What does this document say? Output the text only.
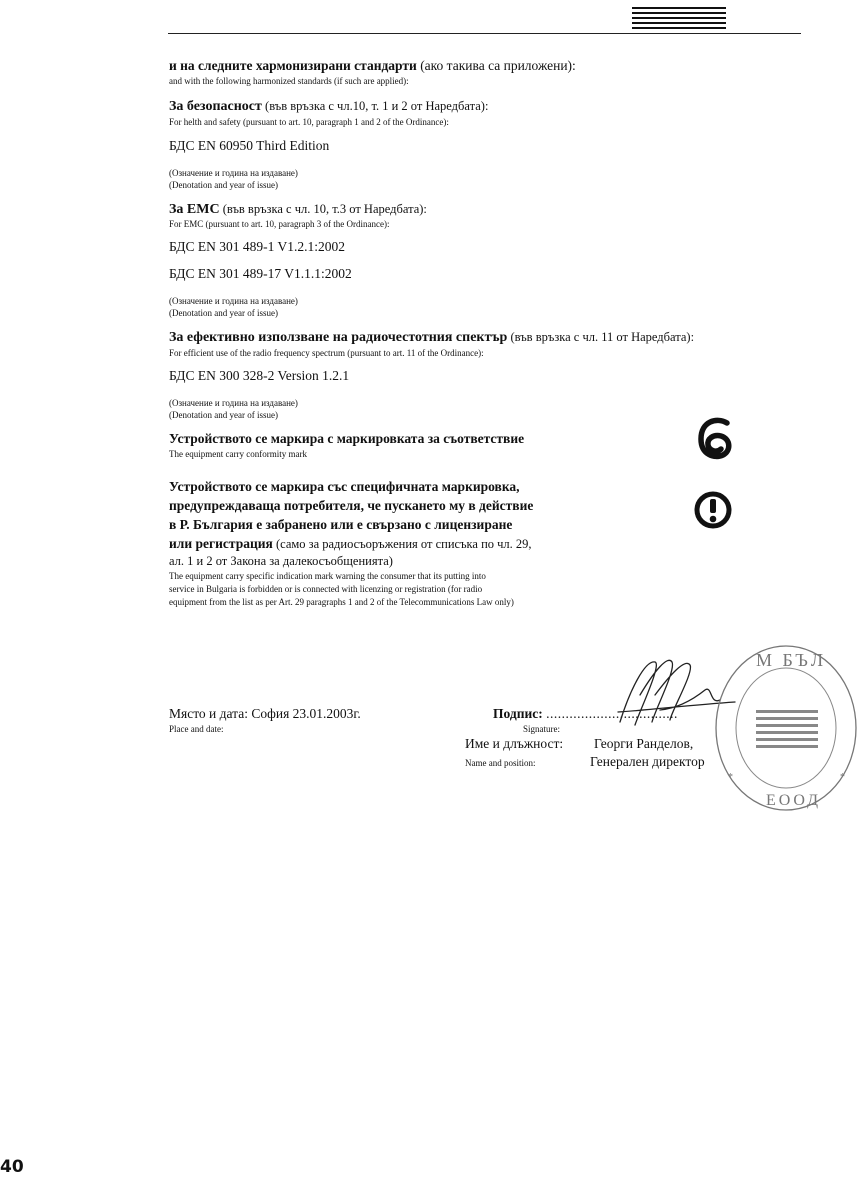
и на следните хармонизирани стандарти (ако такива са приложени):
and with the following harmonized standards (if such are applied):
За безопасност (във връзка с чл.10, т. 1 и 2 от Наредбата):
For helth and safety (pursuant to art. 10, paragraph 1 and 2 of the Ordinance):
БДС EN 60950 Third Edition
(Означение и година на издаване)
(Denotation and year of issue)
За EMC (във връзка с чл. 10, т.3 от Наредбата):
For EMC (pursuant to art. 10, paragraph 3 of the Ordinance):
БДС EN 301 489-1 V1.2.1:2002
БДС EN 301 489-17 V1.1.1:2002
(Означение и година на издаване)
(Denotation and year of issue)
За ефективно използване на радиочестотния спектър (във връзка с чл. 11 от Наредбата):
For efficient use of the radio frequency spectrum (pursuant to art. 11 of the Ordinance):
БДС EN 300 328-2 Version 1.2.1
(Означение и година на издаване)
(Denotation and year of issue)
Устройството се маркира с маркировката за съответствие
The equipment carry conformity mark
Устройството се маркира със специфичната маркировка,
предупреждаваща потребителя, че пускането му в действие
в Р. България е забранено или е свързано с лицензиране
или регистрация (само за радиосъоръжения от списъка по чл. 29,
ал. 1 и 2 от Закона за далекосъобщенията)
The equipment carry specific indication mark warning the consumer that its putting into
service in Bulgaria is forbidden or is connected with licenzing or registration (for radio
equipment from the list as per Art. 29 paragraphs 1 and 2 of the Telecommunications Law only)
Място и дата: София 23.01.2003г.
Place and date:
Подпис: ..................................
Signature:
Име и длъжност: Георги Ранделов,
Name and position:	Генерален директор
М БЪЛ
ЕООД
*	*
40
